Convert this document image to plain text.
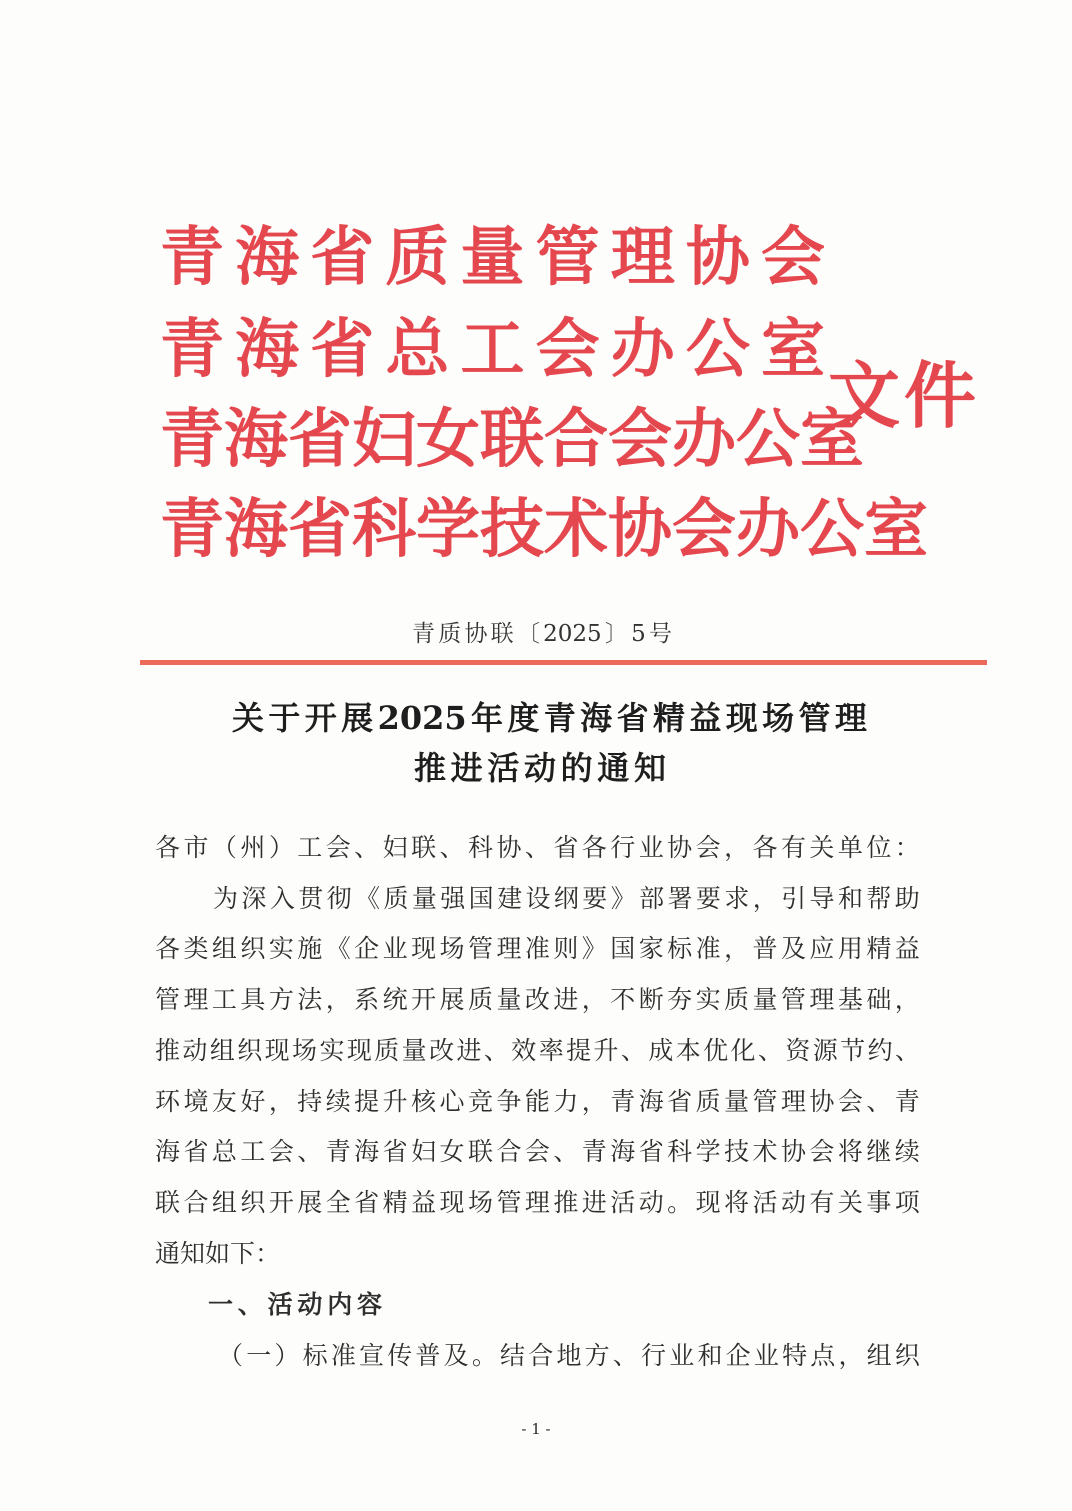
青 海 省 质 量 管 理 协 会
青 海 省 总 工 会 办 公 室
青 海 省 妇 女 联 合 会 办 公 室
青 海 省 科 学 技 术 协 会 办 公 室
文 件
青 质 协 联 〔 2025 〕 5 号
关 于 开 展 2025 年 度 青 海 省 精 益 现 场 管 理
推 进 活 动 的 通 知
各 市 （ 州 ） 工 会 、 妇 联 、 科 协 、 省 各 行 业 协 会 ， 各 有 关 单 位 ：
为 深 入 贯 彻 《 质 量 强 国 建 设 纲 要 》 部 署 要 求 ， 引 导 和 帮 助
各 类 组 织 实 施 《 企 业 现 场 管 理 准 则 》 国 家 标 准 ， 普 及 应 用 精 益
管 理 工 具 方 法 ， 系 统 开 展 质 量 改 进 ， 不 断 夯 实 质 量 管 理 基 础 ，
推 动 组 织 现 场 实 现 质 量 改 进 、 效 率 提 升 、 成 本 优 化 、 资 源 节 约 、
环 境 友 好 ， 持 续 提 升 核 心 竞 争 能 力 ， 青 海 省 质 量 管 理 协 会 、 青
海 省 总 工 会 、 青 海 省 妇 女 联 合 会 、 青 海 省 科 学 技 术 协 会 将 继 续
联 合 组 织 开 展 全 省 精 益 现 场 管 理 推 进 活 动 。 现 将 活 动 有 关 事 项
通 知 如 下 ：
一 、 活 动 内 容
（ 一 ） 标 准 宣 传 普 及 。 结 合 地 方 、 行 业 和 企 业 特 点 ， 组 织
- 1 -
